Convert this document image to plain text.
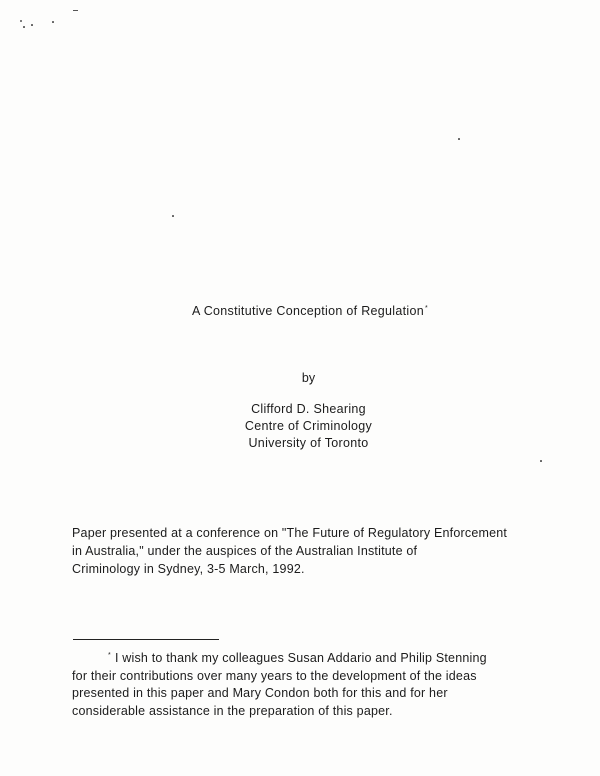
A Constitutive Conception of Regulation*
by
Clifford D. Shearing
Centre of Criminology
University of Toronto
Paper presented at a conference on "The Future of Regulatory Enforcement
in Australia," under the auspices of the Australian Institute of
Criminology in Sydney, 3-5 March, 1992.
* I wish to thank my colleagues Susan Addario and Philip Stenning
for their contributions over many years to the development of the ideas
presented in this paper and Mary Condon both for this and for her
considerable assistance in the preparation of this paper.
